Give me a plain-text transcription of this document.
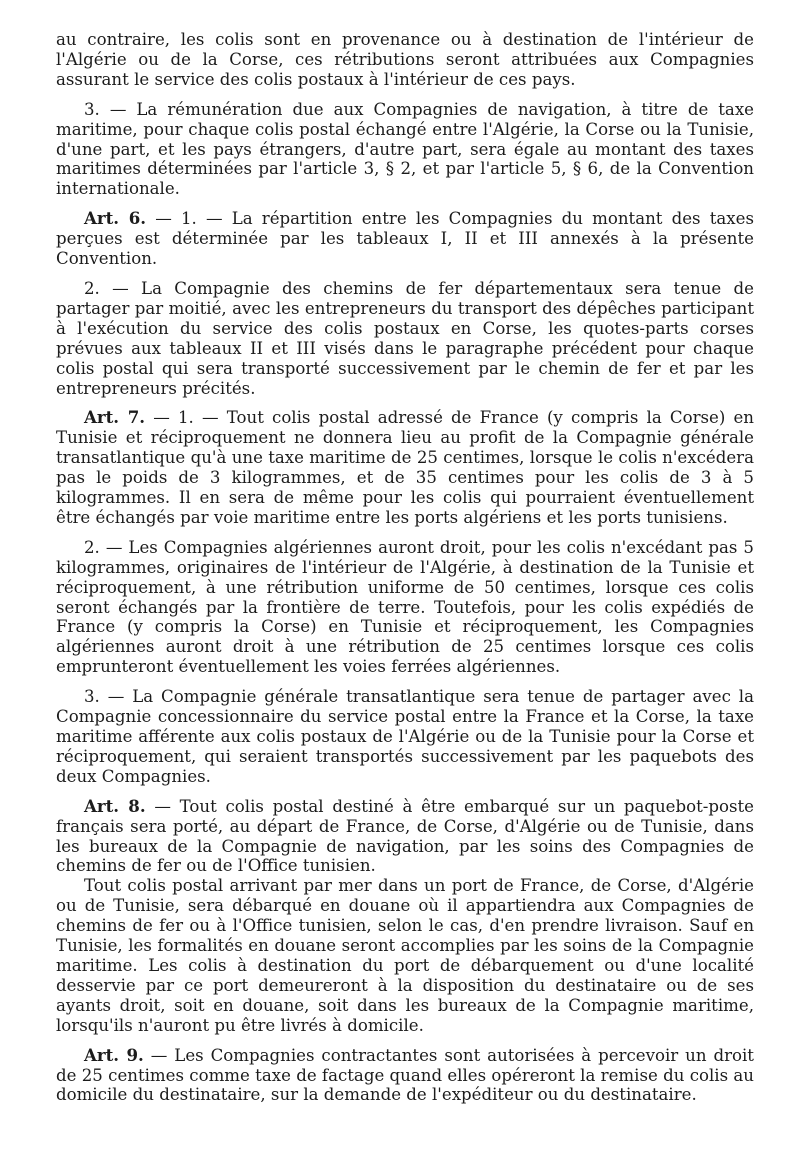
au contraire, les colis sont en provenance ou à destination de l'intérieur de l'Algérie ou de la Corse, ces rétributions seront attribuées aux Compagnies assurant le service des colis postaux à l'intérieur de ces pays.

3. — La rémunération due aux Compagnies de navigation, à titre de taxe maritime, pour chaque colis postal échangé entre l'Algérie, la Corse ou la Tunisie, d'une part, et les pays étrangers, d'autre part, sera égale au montant des taxes maritimes déterminées par l'article 3, § 2, et par l'article 5, § 6, de la Convention internationale.

Art. 6. — 1. — La répartition entre les Compagnies du montant des taxes perçues est déterminée par les tableaux I, II et III annexés à la présente Convention.

2. — La Compagnie des chemins de fer départementaux sera tenue de partager par moitié, avec les entrepreneurs du transport des dépêches participant à l'exécution du service des colis postaux en Corse, les quotes-parts corses prévues aux tableaux II et III visés dans le paragraphe précédent pour chaque colis postal qui sera transporté successivement par le chemin de fer et par les entrepreneurs précités.

Art. 7. — 1. — Tout colis postal adressé de France (y compris la Corse) en Tunisie et réciproquement ne donnera lieu au profit de la Compagnie générale transatlantique qu'à une taxe maritime de 25 centimes, lorsque le colis n'excédera pas le poids de 3 kilogrammes, et de 35 centimes pour les colis de 3 à 5 kilogrammes. Il en sera de même pour les colis qui pourraient éventuellement être échangés par voie maritime entre les ports algériens et les ports tunisiens.

2. — Les Compagnies algériennes auront droit, pour les colis n'excédant pas 5 kilogrammes, originaires de l'intérieur de l'Algérie, à destination de la Tunisie et réciproquement, à une rétribution uniforme de 50 centimes, lorsque ces colis seront échangés par la frontière de terre. Toutefois, pour les colis expédiés de France (y compris la Corse) en Tunisie et réciproquement, les Compagnies algériennes auront droit à une rétribution de 25 centimes lorsque ces colis emprunteront éventuellement les voies ferrées algériennes.

3. — La Compagnie générale transatlantique sera tenue de partager avec la Compagnie concessionnaire du service postal entre la France et la Corse, la taxe maritime afférente aux colis postaux de l'Algérie ou de la Tunisie pour la Corse et réciproquement, qui seraient transportés successivement par les paquebots des deux Compagnies.

Art. 8. — Tout colis postal destiné à être embarqué sur un paquebot-poste français sera porté, au départ de France, de Corse, d'Algérie ou de Tunisie, dans les bureaux de la Compagnie de navigation, par les soins des Compagnies de chemins de fer ou de l'Office tunisien.

Tout colis postal arrivant par mer dans un port de France, de Corse, d'Algérie ou de Tunisie, sera débarqué en douane où il appartiendra aux Compagnies de chemins de fer ou à l'Office tunisien, selon le cas, d'en prendre livraison. Sauf en Tunisie, les formalités en douane seront accomplies par les soins de la Compagnie maritime. Les colis à destination du port de débarquement ou d'une localité desservie par ce port demeureront à la disposition du destinataire ou de ses ayants droit, soit en douane, soit dans les bureaux de la Compagnie maritime, lorsqu'ils n'auront pu être livrés à domicile.

Art. 9. — Les Compagnies contractantes sont autorisées à percevoir un droit de 25 centimes comme taxe de factage quand elles opéreront la remise du colis au domicile du destinataire, sur la demande de l'expéditeur ou du destinataire.
